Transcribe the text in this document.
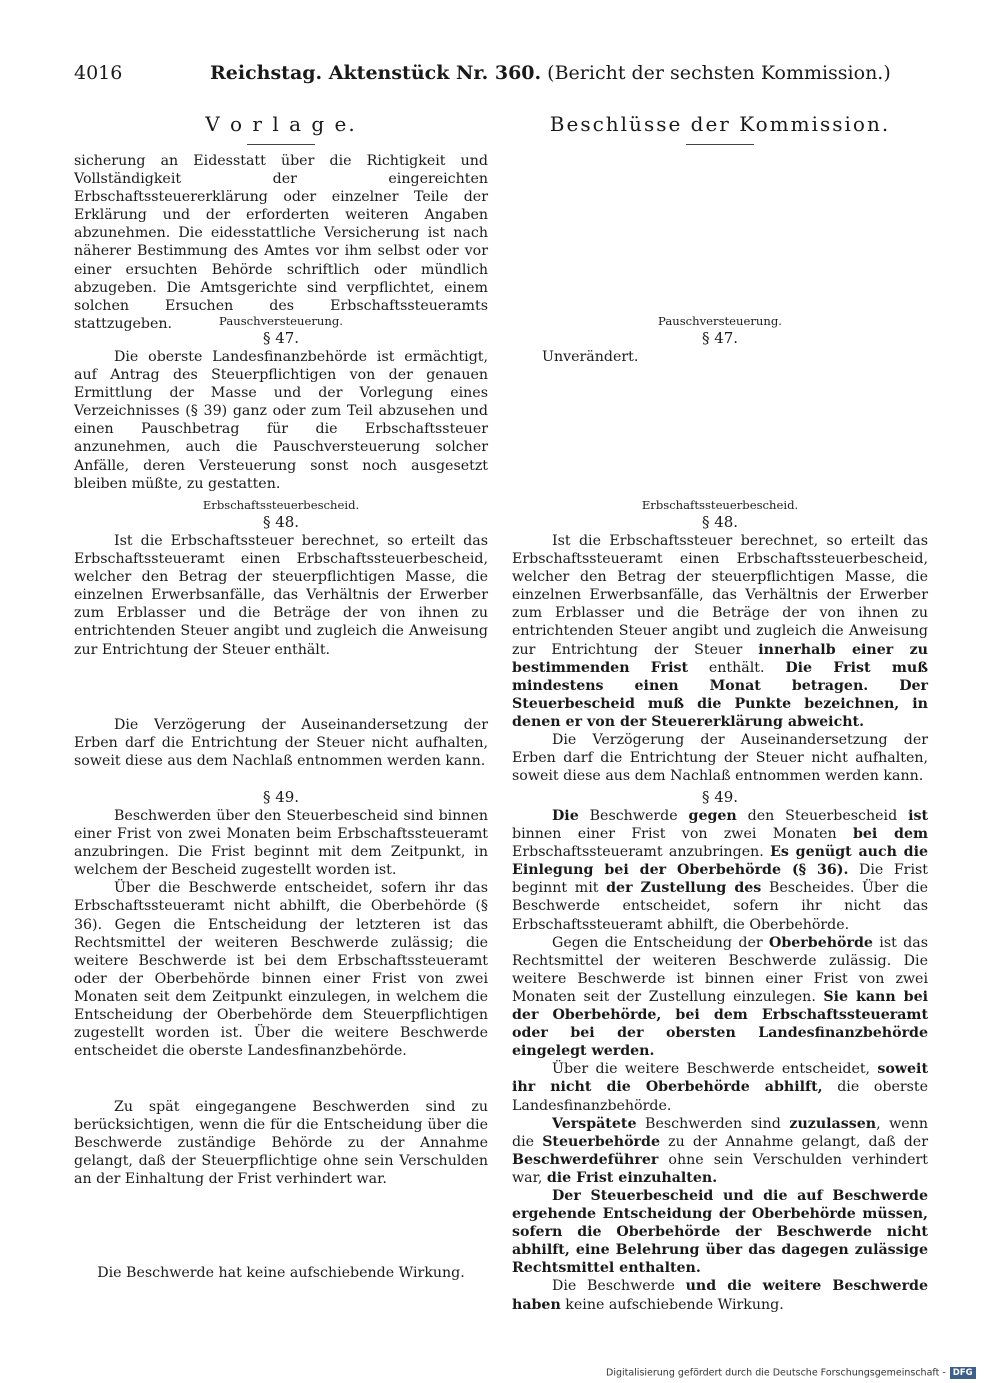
4016	Reichstag. Aktenstück Nr. 360. (Bericht der sechsten Kommission.)
V o r l a g e.

sicherung an Eidesstatt über die Richtigkeit und Vollständigkeit der eingereichten Erbschaftssteuererklärung oder einzelner Teile der Erklärung und der erforderten weiteren Angaben abzunehmen. Die eidesstattliche Versicherung ist nach näherer Bestimmung des Amtes vor ihm selbst oder vor einer ersuchten Behörde schriftlich oder mündlich abzugeben. Die Amtsgerichte sind verpflichtet, einem solchen Ersuchen des Erbschaftssteueramts stattzugeben.	Pauschversteuerung.
§ 47.

Die oberste Landesfinanzbehörde ist ermächtigt, auf Antrag des Steuerpflichtigen von der genauen Ermittlung der Masse und der Vorlegung eines Verzeichnisses (§ 39) ganz oder zum Teil abzusehen und einen Pauschbetrag für die Erbschaftssteuer anzunehmen, auch die Pauschversteuerung solcher Anfälle, deren Versteuerung sonst noch ausgesetzt bleiben müßte, zu gestatten.

Erbschaftssteuerbescheid.
§ 48.

Ist die Erbschaftssteuer berechnet, so erteilt das Erbschaftssteueramt einen Erbschaftssteuerbescheid, welcher den Betrag der steuerpflichtigen Masse, die einzelnen Erwerbsanfälle, das Verhältnis der Erwerber zum Erblasser und die Beträge der von ihnen zu entrichtenden Steuer angibt und zugleich die Anweisung zur Entrichtung der Steuer enthält.

Die Verzögerung der Auseinandersetzung der Erben darf die Entrichtung der Steuer nicht aufhalten, soweit diese aus dem Nachlaß entnommen werden kann.

§ 49.

Beschwerden über den Steuerbescheid sind binnen einer Frist von zwei Monaten beim Erbschaftssteueramt anzubringen. Die Frist beginnt mit dem Zeitpunkt, in welchem der Bescheid zugestellt worden ist.

Über die Beschwerde entscheidet, sofern ihr das Erbschaftssteueramt nicht abhilft, die Oberbehörde (§ 36). Gegen die Entscheidung der letzteren ist das Rechtsmittel der weiteren Beschwerde zulässig; die weitere Beschwerde ist bei dem Erbschaftssteueramt oder der Oberbehörde binnen einer Frist von zwei Monaten seit dem Zeitpunkt einzulegen, in welchem die Entscheidung der Oberbehörde dem Steuerpflichtigen zugestellt worden ist. Über die weitere Beschwerde entscheidet die oberste Landesfinanzbehörde.

Zu spät eingegangene Beschwerden sind zu berücksichtigen, wenn die für die Entscheidung über die Beschwerde zuständige Behörde zu der Annahme gelangt, daß der Steuerpflichtige ohne sein Verschulden an der Einhaltung der Frist verhindert war.

Die Beschwerde hat keine aufschiebende Wirkung.

Beschlüsse der Kommission.
Pauschversteuerung.
§ 47.

Unverändert.

Erbschaftssteuerbescheid.
§ 48.

Ist die Erbschaftssteuer berechnet, so erteilt das Erbschaftssteueramt einen Erbschaftssteuerbescheid, welcher den Betrag der steuerpflichtigen Masse, die einzelnen Erwerbsanfälle, das Verhältnis der Erwerber zum Erblasser und die Beträge der von ihnen zu entrichtenden Steuer angibt und zugleich die Anweisung zur Entrichtung der Steuer innerhalb einer zu bestimmenden Frist enthält. Die Frist muß mindestens einen Monat betragen. Der Steuerbescheid muß die Punkte bezeichnen, in denen er von der Steuererklärung abweicht.

Die Verzögerung der Auseinandersetzung der Erben darf die Entrichtung der Steuer nicht aufhalten, soweit diese aus dem Nachlaß entnommen werden kann.

§ 49.

Die Beschwerde gegen den Steuerbescheid ist binnen einer Frist von zwei Monaten bei dem Erbschaftssteueramt anzubringen. Es genügt auch die Einlegung bei der Oberbehörde (§ 36). Die Frist beginnt mit der Zustellung des Bescheides. Über die Beschwerde entscheidet, sofern ihr nicht das Erbschaftssteueramt abhilft, die Oberbehörde.

Gegen die Entscheidung der Oberbehörde ist das Rechtsmittel der weiteren Beschwerde zulässig. Die weitere Beschwerde ist binnen einer Frist von zwei Monaten seit der Zustellung einzulegen. Sie kann bei der Oberbehörde, bei dem Erbschaftssteueramt oder bei der obersten Landesfinanzbehörde eingelegt werden.

Über die weitere Beschwerde entscheidet, soweit ihr nicht die Oberbehörde abhilft, die oberste Landesfinanzbehörde.

Verspätete Beschwerden sind zuzulassen, wenn die Steuerbehörde zu der Annahme gelangt, daß der Beschwerdeführer ohne sein Verschulden verhindert war, die Frist einzuhalten.

Der Steuerbescheid und die auf Beschwerde ergehende Entscheidung der Oberbehörde müssen, sofern die Oberbehörde der Beschwerde nicht abhilft, eine Belehrung über das dagegen zulässige Rechtsmittel enthalten.

Die Beschwerde und die weitere Beschwerde haben keine aufschiebende Wirkung.

Digitalisierung gefördert durch die Deutsche Forschungsgemeinschaft - DFG
